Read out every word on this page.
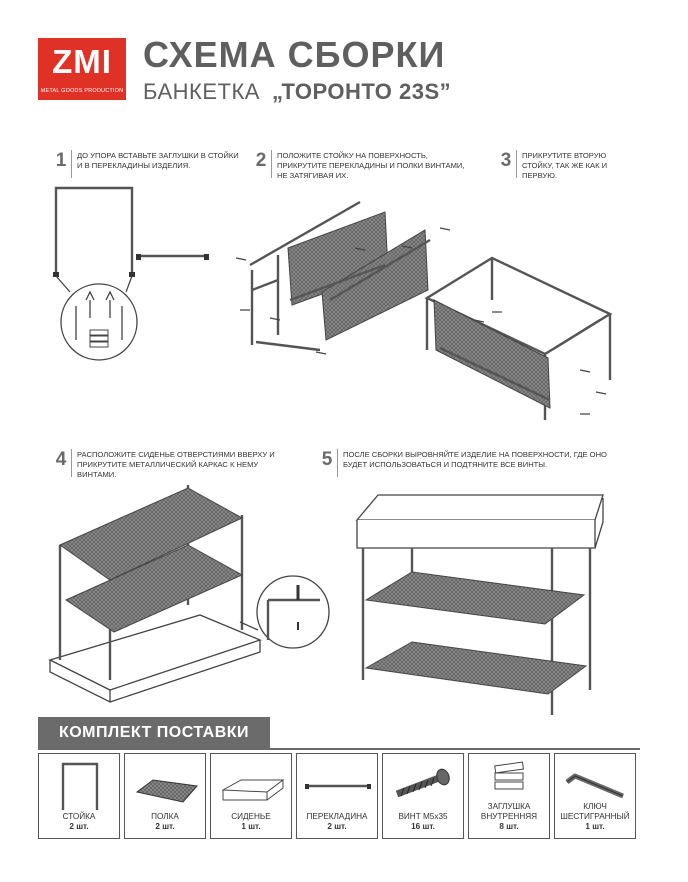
ZMI
METAL GOODS PRODUCTION
СХЕМА СБОРКИ
БАНКЕТКА „ТОРОНТО 23S”
1	ДО УПОРА ВСТАВЬТЕ ЗАГЛУШКИ В СТОЙКИ И В ПЕРЕКЛАДИНЫ ИЗДЕЛИЯ.	2	ПОЛОЖИТЕ СТОЙКУ НА ПОВЕРХНОСТЬ, ПРИКРУТИТЕ ПЕРЕКЛАДИНЫ И ПОЛКИ ВИНТАМИ, НЕ ЗАТЯГИВАЯ ИХ.
3	ПРИКРУТИТЕ ВТОРУЮ СТОЙКУ, ТАК ЖЕ КАК И ПЕРВУЮ.
4	РАСПОЛОЖИТЕ СИДЕНЬЕ ОТВЕРСТИЯМИ ВВЕРХУ И ПРИКРУТИТЕ МЕТАЛЛИЧЕСКИЙ КАРКАС К НЕМУ ВИНТАМИ.
5	ПОСЛЕ СБОРКИ ВЫРОВНЯЙТЕ ИЗДЕЛИЕ НА ПОВЕРХНОСТИ, ГДЕ ОНО БУДЕТ ИСПОЛЬЗОВАТЬСЯ И ПОДТЯНИТЕ ВСЕ ВИНТЫ.
КОМПЛЕКТ ПОСТАВКИ
СТОЙКА
2 шт.
ПОЛКА
2 шт.
СИДЕНЬЕ
1 шт.
ПЕРЕКЛАДИНА
2 шт.
ВИНТ М5х35
16 шт.
ЗАГЛУШКА ВНУТРЕННЯЯ
8 шт.
КЛЮЧ ШЕСТИГРАННЫЙ
1 шт.
